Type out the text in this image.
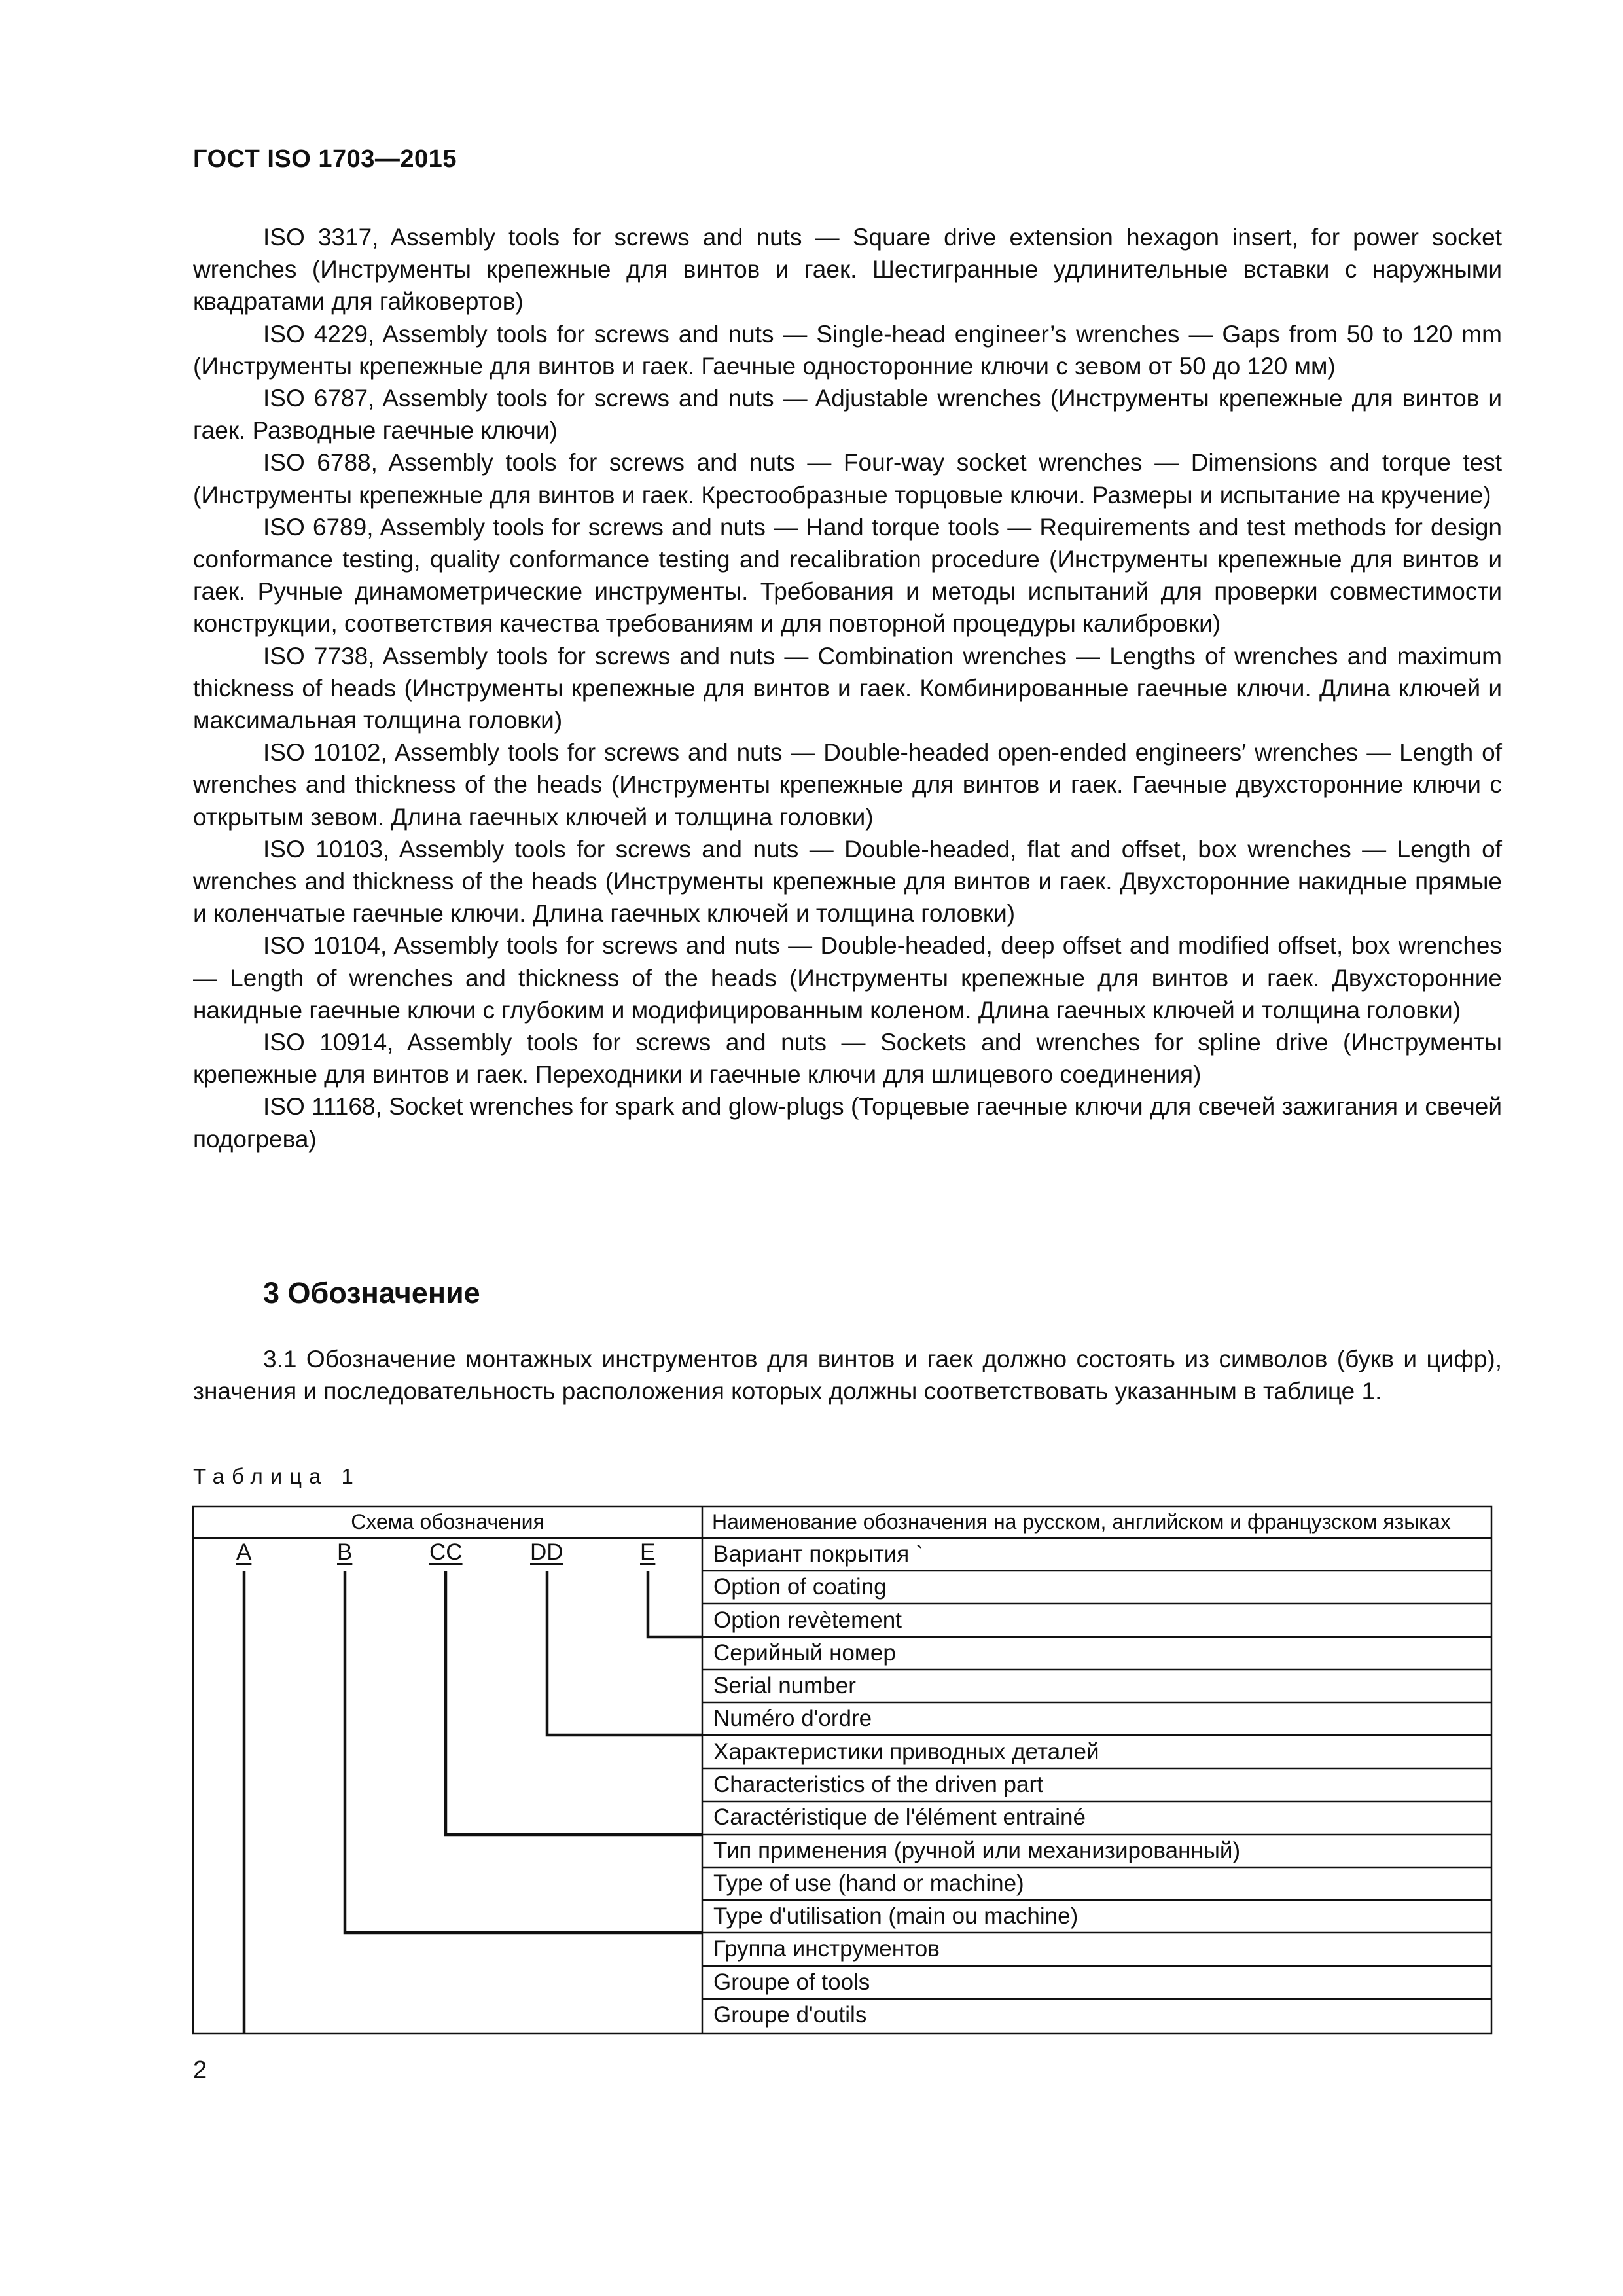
ГОСТ ISO 1703—2015

ISO 3317, Assembly tools for screws and nuts — Square drive extension hexagon insert, for power socket wrenches (Инструменты крепежные для винтов и гаек. Шестигранные удлинительные вставки с наружными квадратами для гайковертов)

ISO 4229, Assembly tools for screws and nuts — Single-head engineer’s wrenches — Gaps from 50 to 120 mm (Инструменты крепежные для винтов и гаек. Гаечные односторонние ключи с зевом от 50 до 120 мм)

ISO 6787, Assembly tools for screws and nuts — Adjustable wrenches (Инструменты крепежные для винтов и гаек. Разводные гаечные ключи)

ISO 6788, Assembly tools for screws and nuts — Four-way socket wrenches — Dimensions and torque test (Инструменты крепежные для винтов и гаек. Крестообразные торцовые ключи. Размеры и испытание на кручение)

ISO 6789, Assembly tools for screws and nuts — Hand torque tools — Requirements and test methods for design conformance testing, quality conformance testing and recalibration procedure (Инструменты крепежные для винтов и гаек. Ручные динамометрические инструменты. Требования и методы испытаний для проверки совместимости конструкции, соответствия качества требованиям и для повторной процедуры калибровки)

ISO 7738, Assembly tools for screws and nuts — Combination wrenches — Lengths of wrenches and maximum thickness of heads (Инструменты крепежные для винтов и гаек. Комбинированные гаечные ключи. Длина ключей и максимальная толщина головки)

ISO 10102, Assembly tools for screws and nuts — Double-headed open-ended engineers′ wrenches — Length of wrenches and thickness of the heads (Инструменты крепежные для винтов и гаек. Гаечные двухсторонние ключи с открытым зевом. Длина гаечных ключей и толщина головки)

ISO 10103, Assembly tools for screws and nuts — Double-headed, flat and offset, box wrenches — Length of wrenches and thickness of the heads (Инструменты крепежные для винтов и гаек. Двухсторонние накидные прямые и коленчатые гаечные ключи. Длина гаечных ключей и толщина головки)

ISO 10104, Assembly tools for screws and nuts — Double-headed, deep offset and modified offset, box wrenches — Length of wrenches and thickness of the heads (Инструменты крепежные для винтов и гаек. Двухсторонние накидные гаечные ключи с глубоким и модифицированным коленом. Длина гаечных ключей и толщина головки)

ISO 10914, Assembly tools for screws and nuts — Sockets and wrenches for spline drive (Инструменты крепежные для винтов и гаек. Переходники и гаечные ключи для шлицевого соединения)

ISO 11168, Socket wrenches for spark and glow-plugs (Торцевые гаечные ключи для свечей зажигания и свечей подогрева)

3 Обозначение

3.1 Обозначение монтажных инструментов для винтов и гаек должно состоять из символов (букв и цифр), значения и последовательность расположения которых должны соответствовать указанным в таблице 1.

Таблица 1
Схема обозначения	Наименование обозначения на русском, английском и французском языках
A	B	CC	DD	E	Вариант покрытия `
Option of coating
Option revètement
Серийный номер
Serial number
Numéro d'ordre
Характеристики приводных деталей
Characteristics of the driven part
Caractéristique de l'élément entrainé
Тип применения (ручной или механизированный)
Type of use (hand or machine)
Type d'utilisation (main ou machine)
Группа инструментов
Groupe of tools
Groupe d'outils
2
